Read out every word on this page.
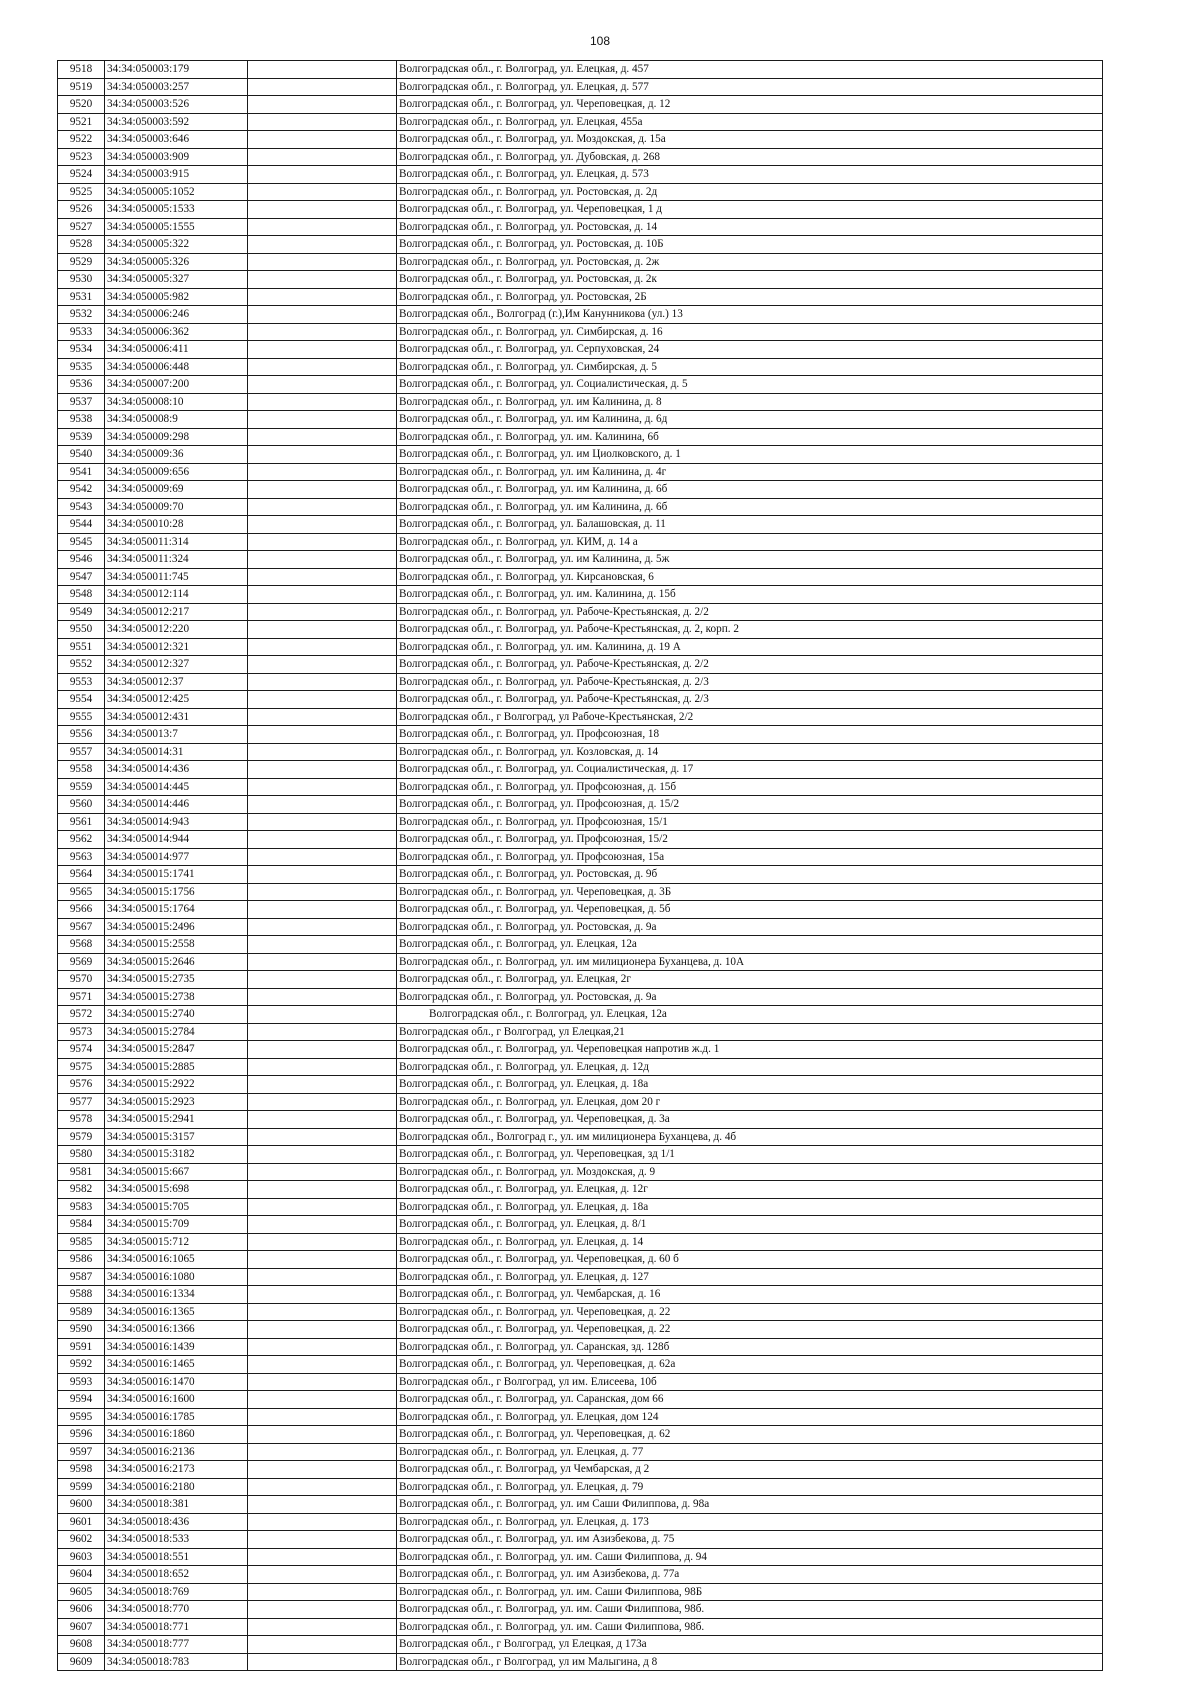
108
9518	34:34:050003:179		Волгоградская обл., г. Волгоград, ул. Елецкая, д. 457
9519	34:34:050003:257		Волгоградская обл., г. Волгоград, ул. Елецкая, д. 577
9520	34:34:050003:526		Волгоградская обл., г. Волгоград, ул. Череповецкая, д. 12
9521	34:34:050003:592		Волгоградская обл., г. Волгоград, ул. Елецкая, 455а
9522	34:34:050003:646		Волгоградская обл., г. Волгоград, ул. Моздокская, д. 15а
9523	34:34:050003:909		Волгоградская обл., г. Волгоград, ул. Дубовская, д. 268
9524	34:34:050003:915		Волгоградская обл., г. Волгоград, ул. Елецкая, д. 573
9525	34:34:050005:1052		Волгоградская обл., г. Волгоград, ул. Ростовская, д. 2д
9526	34:34:050005:1533		Волгоградская обл., г. Волгоград, ул. Череповецкая, 1 д
9527	34:34:050005:1555		Волгоградская обл., г. Волгоград, ул. Ростовская, д. 14
9528	34:34:050005:322		Волгоградская обл., г. Волгоград, ул. Ростовская, д. 10Б
9529	34:34:050005:326		Волгоградская обл., г. Волгоград, ул. Ростовская, д. 2ж
9530	34:34:050005:327		Волгоградская обл., г. Волгоград, ул. Ростовская, д. 2к
9531	34:34:050005:982		Волгоградская обл., г. Волгоград, ул. Ростовская, 2Б
9532	34:34:050006:246		Волгоградская обл., Волгоград (г.),Им Канунникова (ул.) 13
9533	34:34:050006:362		Волгоградская обл., г. Волгоград, ул. Симбирская, д. 16
9534	34:34:050006:411		Волгоградская обл., г. Волгоград, ул. Серпуховская, 24
9535	34:34:050006:448		Волгоградская обл., г. Волгоград, ул. Симбирская, д. 5
9536	34:34:050007:200		Волгоградская обл., г. Волгоград, ул. Социалистическая, д. 5
9537	34:34:050008:10		Волгоградская обл., г. Волгоград, ул. им Калинина, д. 8
9538	34:34:050008:9		Волгоградская обл., г. Волгоград, ул. им Калинина, д. 6д
9539	34:34:050009:298		Волгоградская обл., г. Волгоград, ул. им. Калинина, 6б
9540	34:34:050009:36		Волгоградская обл., г. Волгоград, ул. им Циолковского, д. 1
9541	34:34:050009:656		Волгоградская обл., г. Волгоград, ул. им Калинина, д. 4г
9542	34:34:050009:69		Волгоградская обл., г. Волгоград, ул. им Калинина, д. 6б
9543	34:34:050009:70		Волгоградская обл., г. Волгоград, ул. им Калинина, д. 6б
9544	34:34:050010:28		Волгоградская обл., г. Волгоград, ул. Балашовская, д. 11
9545	34:34:050011:314		Волгоградская обл., г. Волгоград, ул. КИМ, д. 14 а
9546	34:34:050011:324		Волгоградская обл., г. Волгоград, ул. им Калинина, д. 5ж
9547	34:34:050011:745		Волгоградская обл., г. Волгоград, ул. Кирсановская, 6
9548	34:34:050012:114		Волгоградская обл., г. Волгоград, ул. им. Калинина, д. 15б
9549	34:34:050012:217		Волгоградская обл., г. Волгоград, ул. Рабоче-Крестьянская, д. 2/2
9550	34:34:050012:220		Волгоградская обл., г. Волгоград, ул. Рабоче-Крестьянская, д. 2, корп. 2
9551	34:34:050012:321		Волгоградская обл., г. Волгоград, ул. им. Калинина, д. 19 А
9552	34:34:050012:327		Волгоградская обл., г. Волгоград, ул. Рабоче-Крестьянская, д. 2/2
9553	34:34:050012:37		Волгоградская обл., г. Волгоград, ул. Рабоче-Крестьянская, д. 2/3
9554	34:34:050012:425		Волгоградская обл., г. Волгоград, ул. Рабоче-Крестьянская, д. 2/3
9555	34:34:050012:431		Волгоградская обл., г Волгоград, ул Рабоче-Крестьянская, 2/2
9556	34:34:050013:7		Волгоградская обл., г. Волгоград, ул. Профсоюзная, 18
9557	34:34:050014:31		Волгоградская обл., г. Волгоград, ул. Козловская, д. 14
9558	34:34:050014:436		Волгоградская обл., г. Волгоград, ул. Социалистическая, д. 17
9559	34:34:050014:445		Волгоградская обл., г. Волгоград, ул. Профсоюзная, д. 15б
9560	34:34:050014:446		Волгоградская обл., г. Волгоград, ул. Профсоюзная, д. 15/2
9561	34:34:050014:943		Волгоградская обл., г. Волгоград, ул. Профсоюзная, 15/1
9562	34:34:050014:944		Волгоградская обл., г. Волгоград, ул. Профсоюзная, 15/2
9563	34:34:050014:977		Волгоградская обл., г. Волгоград, ул. Профсоюзная, 15а
9564	34:34:050015:1741		Волгоградская обл., г. Волгоград, ул. Ростовская, д. 9б
9565	34:34:050015:1756		Волгоградская обл., г. Волгоград, ул. Череповецкая, д. 3Б
9566	34:34:050015:1764		Волгоградская обл., г. Волгоград, ул. Череповецкая, д. 5б
9567	34:34:050015:2496		Волгоградская обл., г. Волгоград, ул. Ростовская, д. 9а
9568	34:34:050015:2558		Волгоградская обл., г. Волгоград, ул. Елецкая, 12а
9569	34:34:050015:2646		Волгоградская обл., г. Волгоград, ул. им милиционера Буханцева, д. 10А
9570	34:34:050015:2735		Волгоградская обл., г. Волгоград, ул. Елецкая, 2г
9571	34:34:050015:2738		Волгоградская обл., г. Волгоград, ул. Ростовская, д. 9а
9572	34:34:050015:2740		Волгоградская обл., г. Волгоград, ул. Елецкая, 12а
9573	34:34:050015:2784		Волгоградская обл., г Волгоград, ул Елецкая,21
9574	34:34:050015:2847		Волгоградская обл., г. Волгоград, ул. Череповецкая напротив ж.д. 1
9575	34:34:050015:2885		Волгоградская обл., г. Волгоград, ул. Елецкая, д. 12д
9576	34:34:050015:2922		Волгоградская обл., г. Волгоград, ул. Елецкая, д. 18а
9577	34:34:050015:2923		Волгоградская обл., г. Волгоград, ул. Елецкая, дом 20 г
9578	34:34:050015:2941		Волгоградская обл., г. Волгоград, ул. Череповецкая, д. 3а
9579	34:34:050015:3157		Волгоградская обл., Волгоград г., ул. им милиционера Буханцева, д. 4б
9580	34:34:050015:3182		Волгоградская обл., г. Волгоград, ул. Череповецкая, зд 1/1
9581	34:34:050015:667		Волгоградская обл., г. Волгоград, ул. Моздокская, д. 9
9582	34:34:050015:698		Волгоградская обл., г. Волгоград, ул. Елецкая, д. 12г
9583	34:34:050015:705		Волгоградская обл., г. Волгоград, ул. Елецкая, д. 18а
9584	34:34:050015:709		Волгоградская обл., г. Волгоград, ул. Елецкая, д. 8/1
9585	34:34:050015:712		Волгоградская обл., г. Волгоград, ул. Елецкая, д. 14
9586	34:34:050016:1065		Волгоградская обл., г. Волгоград, ул. Череповецкая, д. 60 б
9587	34:34:050016:1080		Волгоградская обл., г. Волгоград, ул. Елецкая, д. 127
9588	34:34:050016:1334		Волгоградская обл., г. Волгоград, ул. Чембарская, д. 16
9589	34:34:050016:1365		Волгоградская обл., г. Волгоград, ул. Череповецкая, д. 22
9590	34:34:050016:1366		Волгоградская обл., г. Волгоград, ул. Череповецкая, д. 22
9591	34:34:050016:1439		Волгоградская обл., г. Волгоград, ул. Саранская, зд. 128б
9592	34:34:050016:1465		Волгоградская обл., г. Волгоград, ул. Череповецкая, д. 62а
9593	34:34:050016:1470		Волгоградская обл., г Волгоград, ул им. Елисеева, 10б
9594	34:34:050016:1600		Волгоградская обл., г. Волгоград, ул. Саранская, дом 66
9595	34:34:050016:1785		Волгоградская обл., г. Волгоград, ул. Елецкая, дом 124
9596	34:34:050016:1860		Волгоградская обл., г. Волгоград, ул. Череповецкая, д. 62
9597	34:34:050016:2136		Волгоградская обл., г. Волгоград, ул. Елецкая, д. 77
9598	34:34:050016:2173		Волгоградская обл., г. Волгоград, ул Чембарская, д 2
9599	34:34:050016:2180		Волгоградская обл., г. Волгоград, ул. Елецкая, д. 79
9600	34:34:050018:381		Волгоградская обл., г. Волгоград, ул. им Саши Филиппова, д. 98а
9601	34:34:050018:436		Волгоградская обл., г. Волгоград, ул. Елецкая, д. 173
9602	34:34:050018:533		Волгоградская обл., г. Волгоград, ул. им Азизбекова, д. 75
9603	34:34:050018:551		Волгоградская обл., г. Волгоград, ул. им. Саши Филиппова, д. 94
9604	34:34:050018:652		Волгоградская обл., г. Волгоград, ул. им Азизбекова, д. 77а
9605	34:34:050018:769		Волгоградская обл., г. Волгоград, ул. им. Саши Филиппова, 98Б
9606	34:34:050018:770		Волгоградская обл., г. Волгоград, ул. им. Саши Филиппова, 98б.
9607	34:34:050018:771		Волгоградская обл., г. Волгоград, ул. им. Саши Филиппова, 98б.
9608	34:34:050018:777		Волгоградская обл., г Волгоград, ул Елецкая, д 173а
9609	34:34:050018:783		Волгоградская обл., г Волгоград, ул им Малыгина, д 8
